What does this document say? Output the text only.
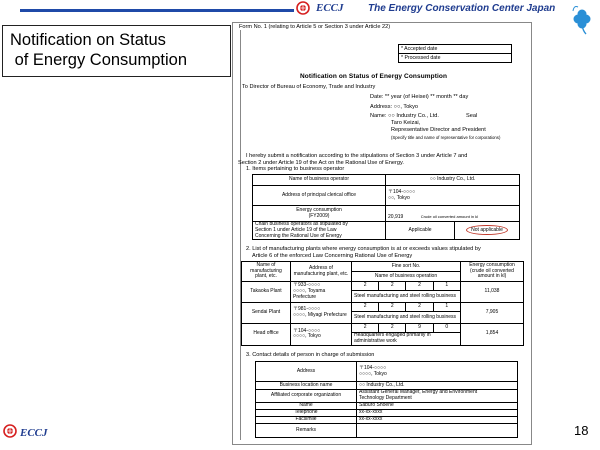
ECCJ The Energy Conservation Center Japan
Notification on Status
of Energy Consumption
Form No. 1 (relating to Article 5 or Section 3 under Article 22)
* Accepted date
* Processed date
Notification on Status of Energy Consumption
To Director of Bureau of Economy, Trade and Industry
Date: ** year (of Heisei) ** month ** day
Address: ○○, Tokyo
Name: ○○ Industry Co., Ltd.	Seal
Taro Keizai,
Representative Director and President
(Specify title and name of representative for corporations)
I hereby submit a notification according to the stipulations of Section 3 under Article 7 and
Section 2 under Article 19 of the Act on the Rational Use of Energy.
1. Items pertaining to business operator
Name of business operator	○○ Industry Co., Ltd.	
Address of principal clerical office	〒104-○○○○
○○, Tokyo	

Energy consumption
(FY2009)	20,919 Crude oil converted amount in kl	

Chain business operators as stipulated by
Section 1 under Article 19 of the Law
Concerning the Rational Use of Energy	Applicable	Not applicable
2. List of manufacturing plants where energy consumption is at or exceeds values stipulated by
Article 6 of the enforced Law Concerning Rational Use of Energy
Name of manufacturing plant, etc.	Address of manufacturing plant, etc.	Fine sort No.				Energy consumption (crude oil converted amount in kl)
		Name of business operation				
Takaoka Plant	〒933-○○○○
○○○○, Toyama Prefecture	2	2	2	1	11,038
		Steel manufacturing and steel rolling business				
Sendai Plant	〒981-○○○○
○○○○, Miyagi Prefecture	2	2	2	1	7,905
		Steel manufacturing and steel rolling business				
Head office	〒104-○○○○
○○○○, Tokyo	2	2	9	0	1,854
		Headquarters engaged primarily in administrative work				
3. Contact details of person in charge of submission
Address	〒104-○○○○
○○○○, Tokyo

Business location name	○○ Industry Co., Ltd.
Affiliated corporate organization	Assistant General Manager, Energy and Environment
Technology Department

Name	Saburo Shoene
Telephone	xx-xx-xxxx
Facsimile	xx-xx-xxxx
Remarks	
ECCJ	18
